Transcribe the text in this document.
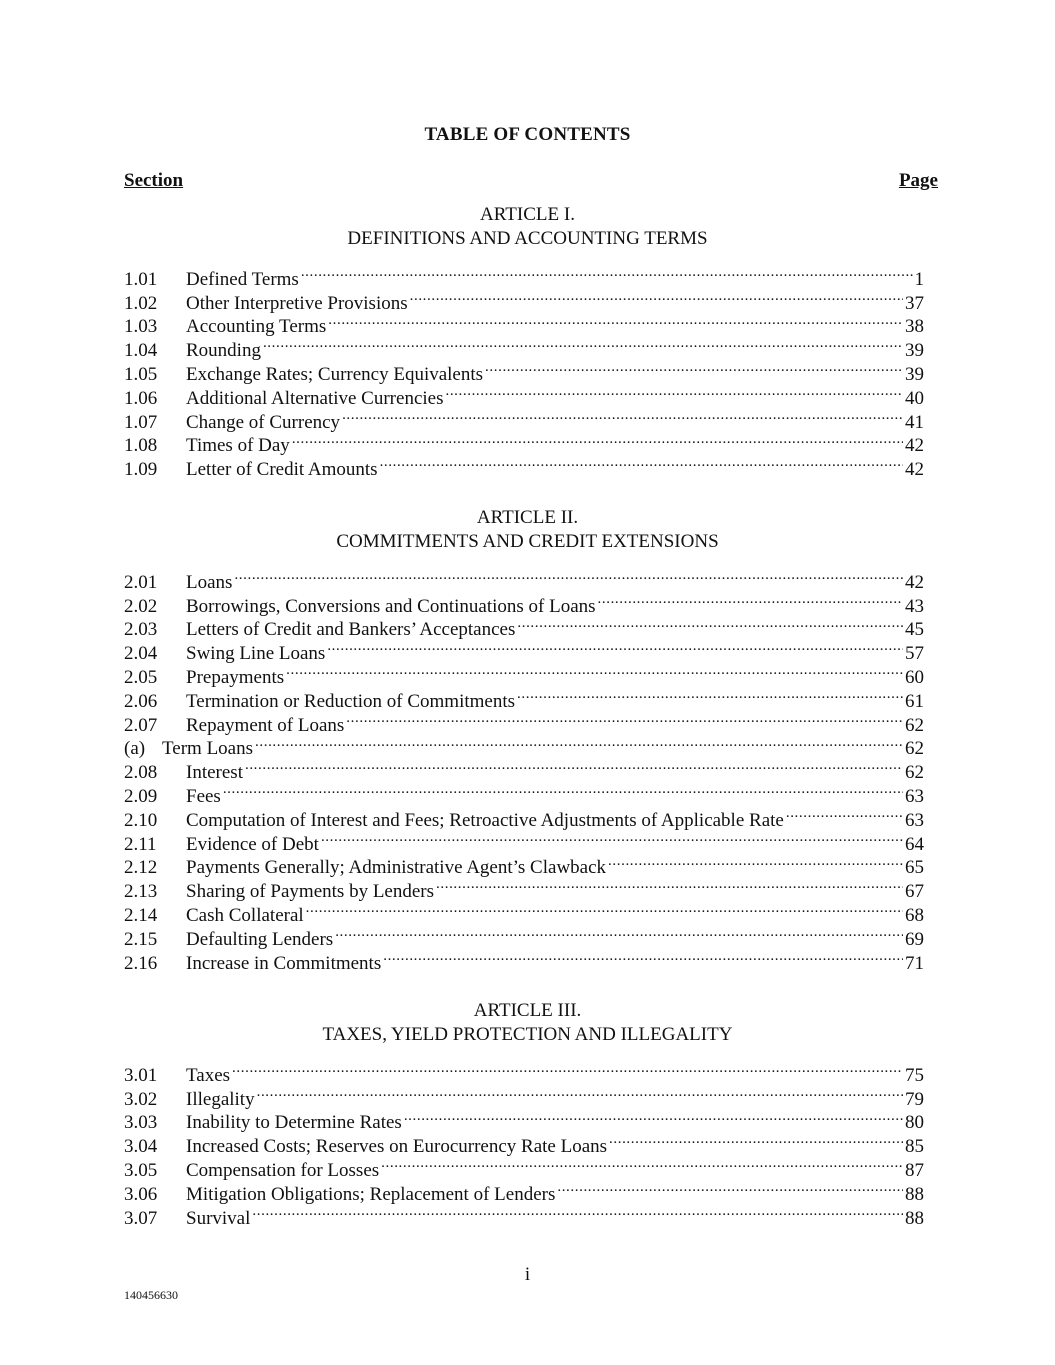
TABLE OF CONTENTS
Section	Page
ARTICLE I.
DEFINITIONS AND ACCOUNTING TERMS
1.01	Defined Terms .....	1
1.02	Other Interpretive Provisions .....	37
1.03	Accounting Terms .....	38
1.04	Rounding .....	39
1.05	Exchange Rates; Currency Equivalents .....	39
1.06	Additional Alternative Currencies .....	40
1.07	Change of Currency .....	41
1.08	Times of Day .....	42
1.09	Letter of Credit Amounts .....	42
ARTICLE II.
COMMITMENTS AND CREDIT EXTENSIONS
2.01	Loans .....	42
2.02	Borrowings, Conversions and Continuations of Loans .....	43
2.03	Letters of Credit and Bankers’ Acceptances .....	45
2.04	Swing Line Loans .....	57
2.05	Prepayments .....	60
2.06	Termination or Reduction of Commitments .....	61
2.07	Repayment of Loans .....	62
(a) Term Loans .....	62
2.08	Interest .....	62
2.09	Fees .....	63
2.10	Computation of Interest and Fees; Retroactive Adjustments of Applicable Rate .....	63
2.11	Evidence of Debt .....	64
2.12	Payments Generally; Administrative Agent’s Clawback .....	65
2.13	Sharing of Payments by Lenders .....	67
2.14	Cash Collateral .....	68
2.15	Defaulting Lenders .....	69
2.16	Increase in Commitments .....	71
ARTICLE III.
TAXES, YIELD PROTECTION AND ILLEGALITY
3.01	Taxes .....	75
3.02	Illegality .....	79
3.03	Inability to Determine Rates .....	80
3.04	Increased Costs; Reserves on Eurocurrency Rate Loans .....	85
3.05	Compensation for Losses .....	87
3.06	Mitigation Obligations; Replacement of Lenders .....	88
3.07	Survival .....	88
i
140456630
